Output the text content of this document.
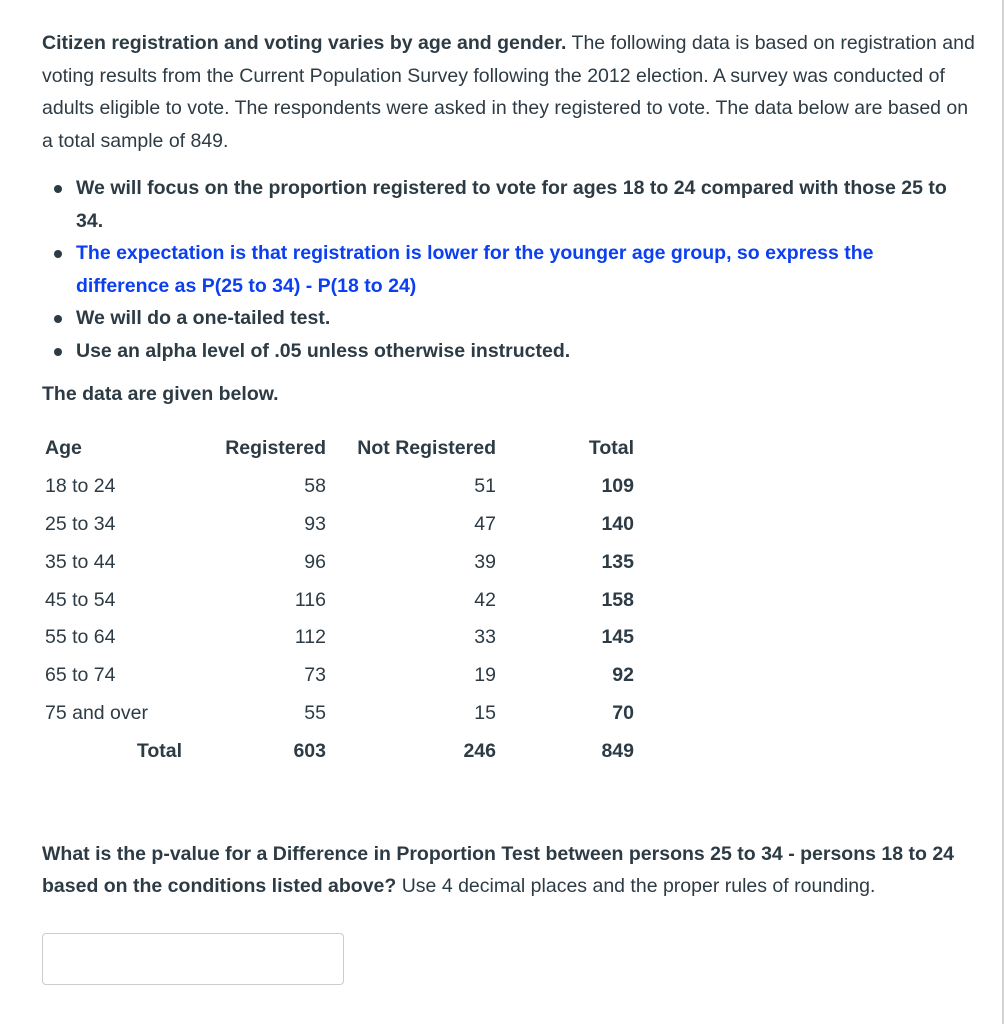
Citizen registration and voting varies by age and gender. The following data is based on registration and voting results from the Current Population Survey following the 2012 election. A survey was conducted of adults eligible to vote. The respondents were asked in they registered to vote. The data below are based on a total sample of 849.

We will focus on the proportion registered to vote for ages 18 to 24 compared with those 25 to 34.
The expectation is that registration is lower for the younger age group, so express the difference as P(25 to 34) - P(18 to 24)
We will do a one-tailed test.
Use an alpha level of .05 unless otherwise instructed.

The data are given below.

Age	Registered	Not Registered	Total
18 to 24	58	51	109
25 to 34	93	47	140
35 to 44	96	39	135
45 to 54	116	42	158
55 to 64	112	33	145
65 to 74	73	19	92
75 and over	55	15	70
Total	603	246	849

What is the p-value for a Difference in Proportion Test between persons 25 to 34 - persons 18 to 24 based on the conditions listed above? Use 4 decimal places and the proper rules of rounding.
